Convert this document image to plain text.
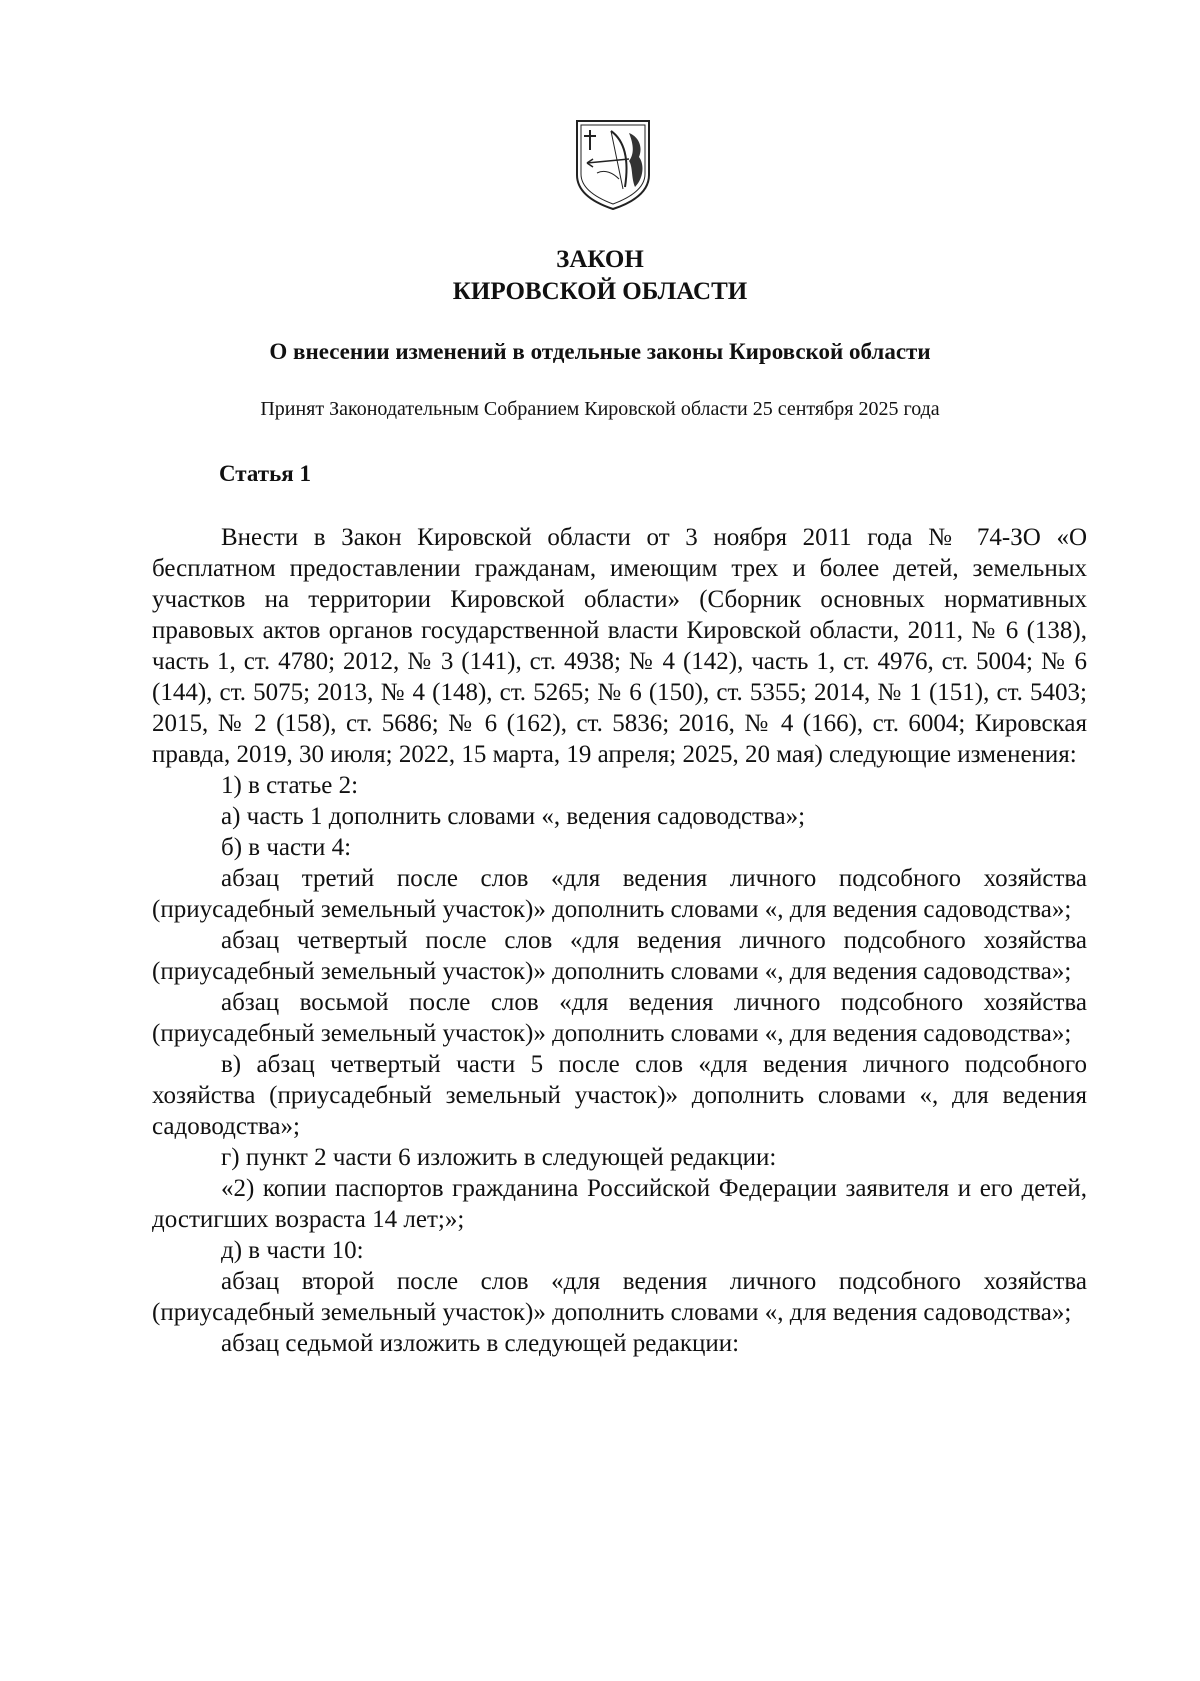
ЗАКОН
КИРОВСКОЙ ОБЛАСТИ
О внесении изменений в отдельные законы Кировской области
Принят Законодательным Собранием Кировской области 25 сентября 2025 года
Статья 1

Внести в Закон Кировской области от 3 ноября 2011 года № 74-ЗО «О бесплатном предоставлении гражданам, имеющим трех и более детей, земельных участков на территории Кировской области» (Сборник основных нормативных правовых актов органов государственной власти Кировской области, 2011, № 6 (138), часть 1, ст. 4780; 2012, № 3 (141), ст. 4938; № 4 (142), часть 1, ст. 4976, ст. 5004; № 6 (144), ст. 5075; 2013, № 4 (148), ст. 5265; № 6 (150), ст. 5355; 2014, № 1 (151), ст. 5403; 2015, № 2 (158), ст. 5686; № 6 (162), ст. 5836; 2016, № 4 (166), ст. 6004; Кировская правда, 2019, 30 июля; 2022, 15 марта, 19 апреля; 2025, 20 мая) следующие изменения:

1) в статье 2:

а) часть 1 дополнить словами «, ведения садоводства»;

б) в части 4:

абзац третий после слов «для ведения личного подсобного хозяйства (приусадебный земельный участок)» дополнить словами «, для ведения садоводства»;

абзац четвертый после слов «для ведения личного подсобного хозяйства (приусадебный земельный участок)» дополнить словами «, для ведения садоводства»;

абзац восьмой после слов «для ведения личного подсобного хозяйства (приусадебный земельный участок)» дополнить словами «, для ведения садоводства»;

в) абзац четвертый части 5 после слов «для ведения личного подсобного хозяйства (приусадебный земельный участок)» дополнить словами «, для ведения садоводства»;

г) пункт 2 части 6 изложить в следующей редакции:

«2) копии паспортов гражданина Российской Федерации заявителя и его детей, достигших возраста 14 лет;»;

д) в части 10:

абзац второй после слов «для ведения личного подсобного хозяйства (приусадебный земельный участок)» дополнить словами «, для ведения садоводства»;

абзац седьмой изложить в следующей редакции:
